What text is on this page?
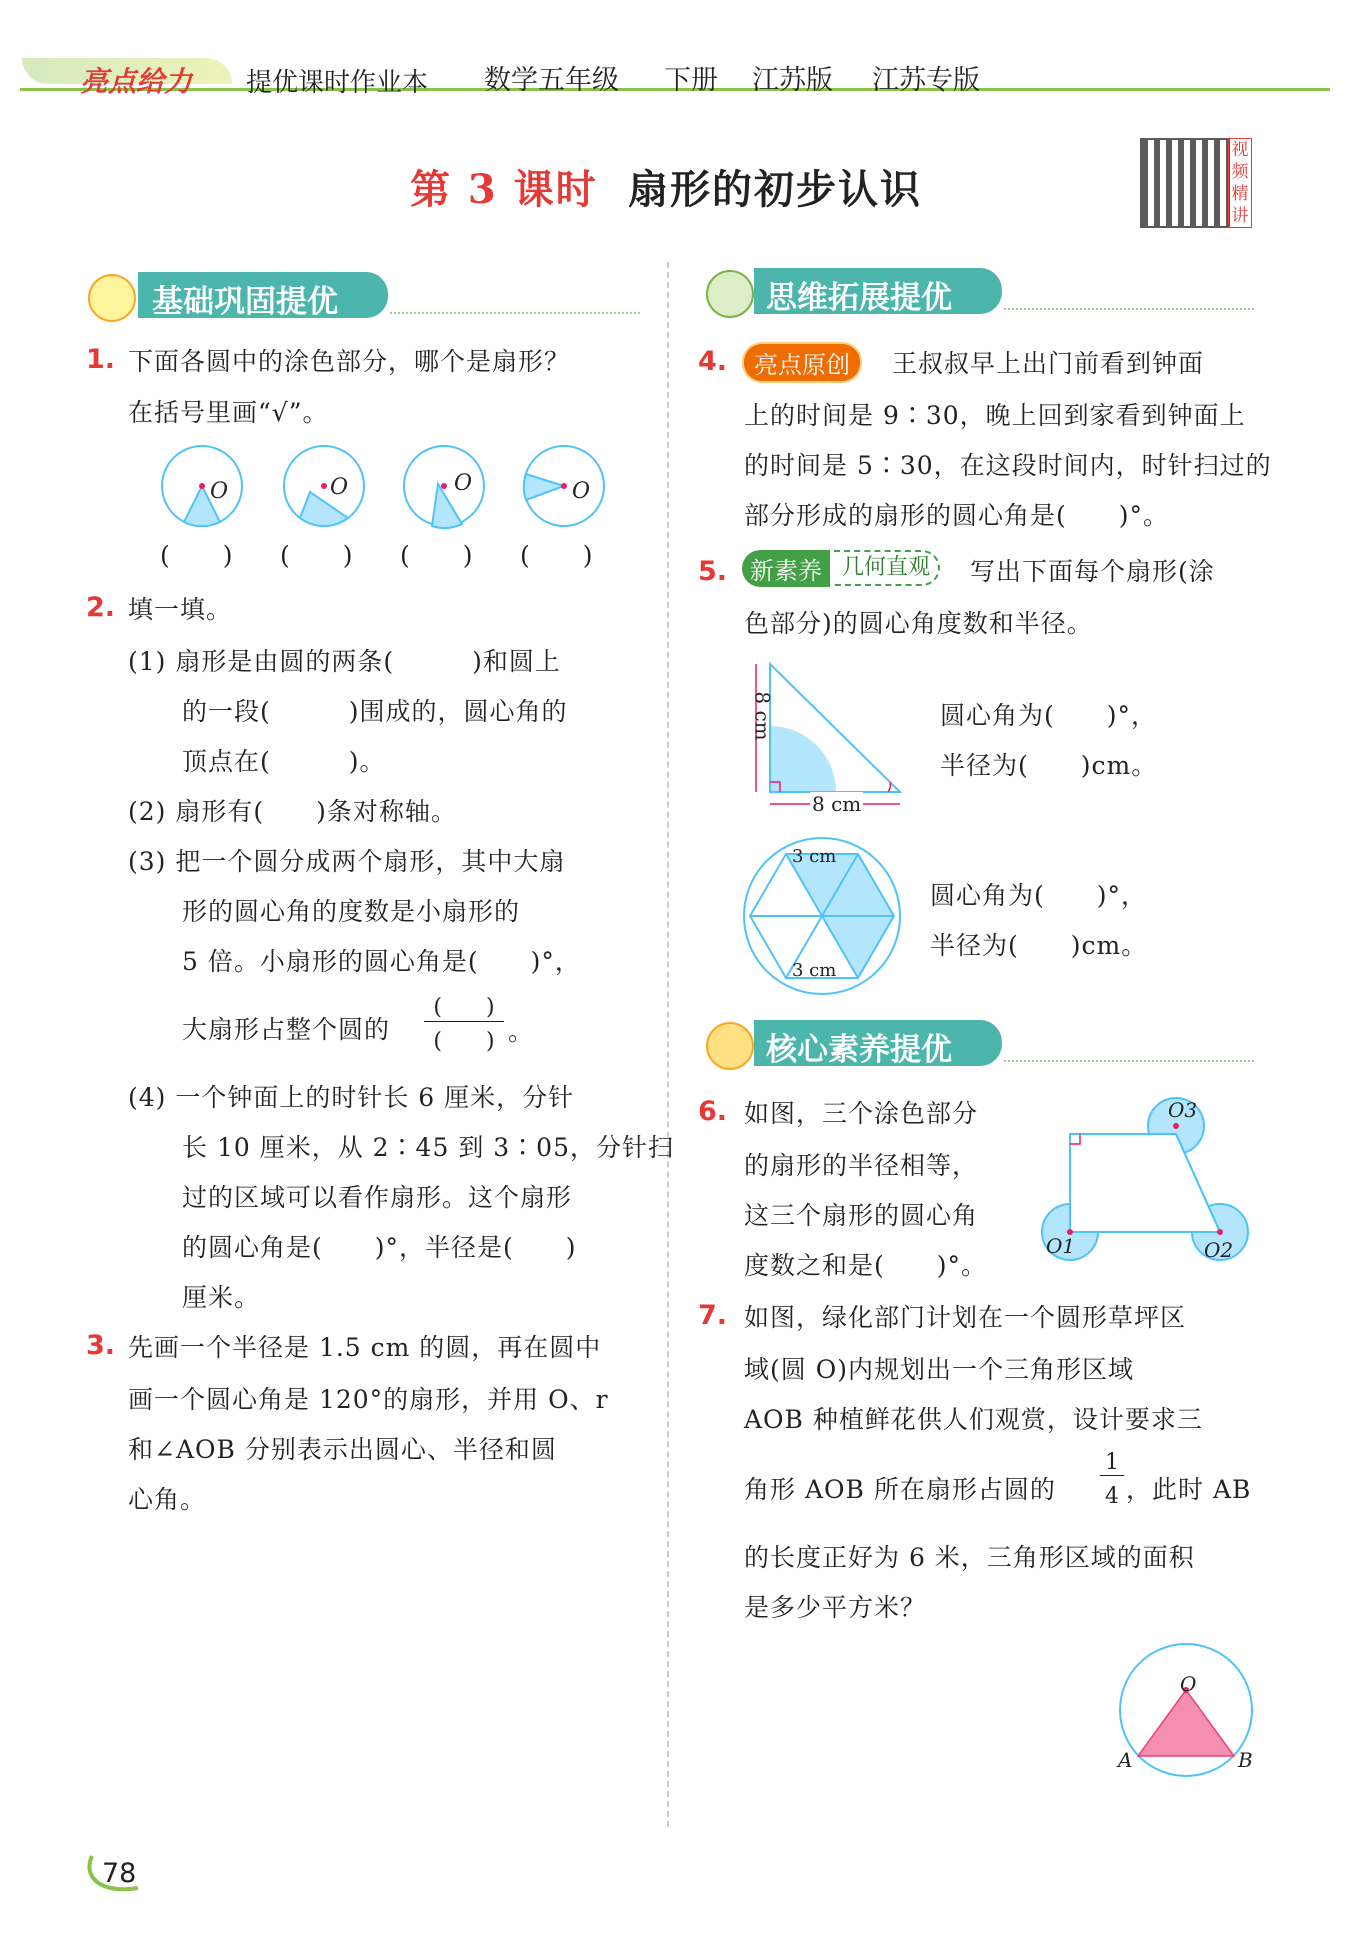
亮点给力 提优课时作业本 数学五年级 下册 江苏版 江苏专版
第 3 课时 扇形的初步认识
视频精讲
基础巩固提优
1. 下面各圆中的涂色部分，哪个是扇形？
在括号里画“√”。
O	O	O	O
(　　) (　　) (　　) (　　)
2. 填一填。
(1) 扇形是由圆的两条(　　　)和圆上
的一段(　　　)围成的，圆心角的
顶点在(　　　)。
(2) 扇形有(　　)条对称轴。
(3) 把一个圆分成两个扇形，其中大扇
形的圆心角的度数是小扇形的
5 倍。小扇形的圆心角是(　　)°，
大扇形占整个圆的
(　　)
(　　) 。
(4) 一个钟面上的时针长 6 厘米，分针
长 10 厘米，从 2∶45 到 3∶05，分针扫
过的区域可以看作扇形。这个扇形
的圆心角是(　　)°，半径是(　　)
厘米。
3. 先画一个半径是 1.5 cm 的圆，再在圆中
画一个圆心角是 120°的扇形，并用 O、r
和∠AOB 分别表示出圆心、半径和圆
心角。
思维拓展提优
4.	亮点原创	王叔叔早上出门前看到钟面
上的时间是 9∶30，晚上回到家看到钟面上
的时间是 5∶30，在这段时间内，时针扫过的
部分形成的扇形的圆心角是(　　)°。
5. 新素养 几何直观	写出下面每个扇形(涂
色部分)的圆心角度数和半径。
8 cm
8 cm
圆心角为(　　)°，
半径为(　　)cm。
3 cm
3 cm
圆心角为(　　)°，
半径为(　　)cm。
核心素养提优
6. 如图，三个涂色部分
的扇形的半径相等，
这三个扇形的圆心角
度数之和是(　　)°。
O3
O1	O2
7. 如图，绿化部门计划在一个圆形草坪区
域(圆 O)内规划出一个三角形区域
AOB 种植鲜花供人们观赏，设计要求三
角形 AOB 所在扇形占圆的
1
4 ，此时 AB
的长度正好为 6 米，三角形区域的面积
是多少平方米？
O
A	B
78
